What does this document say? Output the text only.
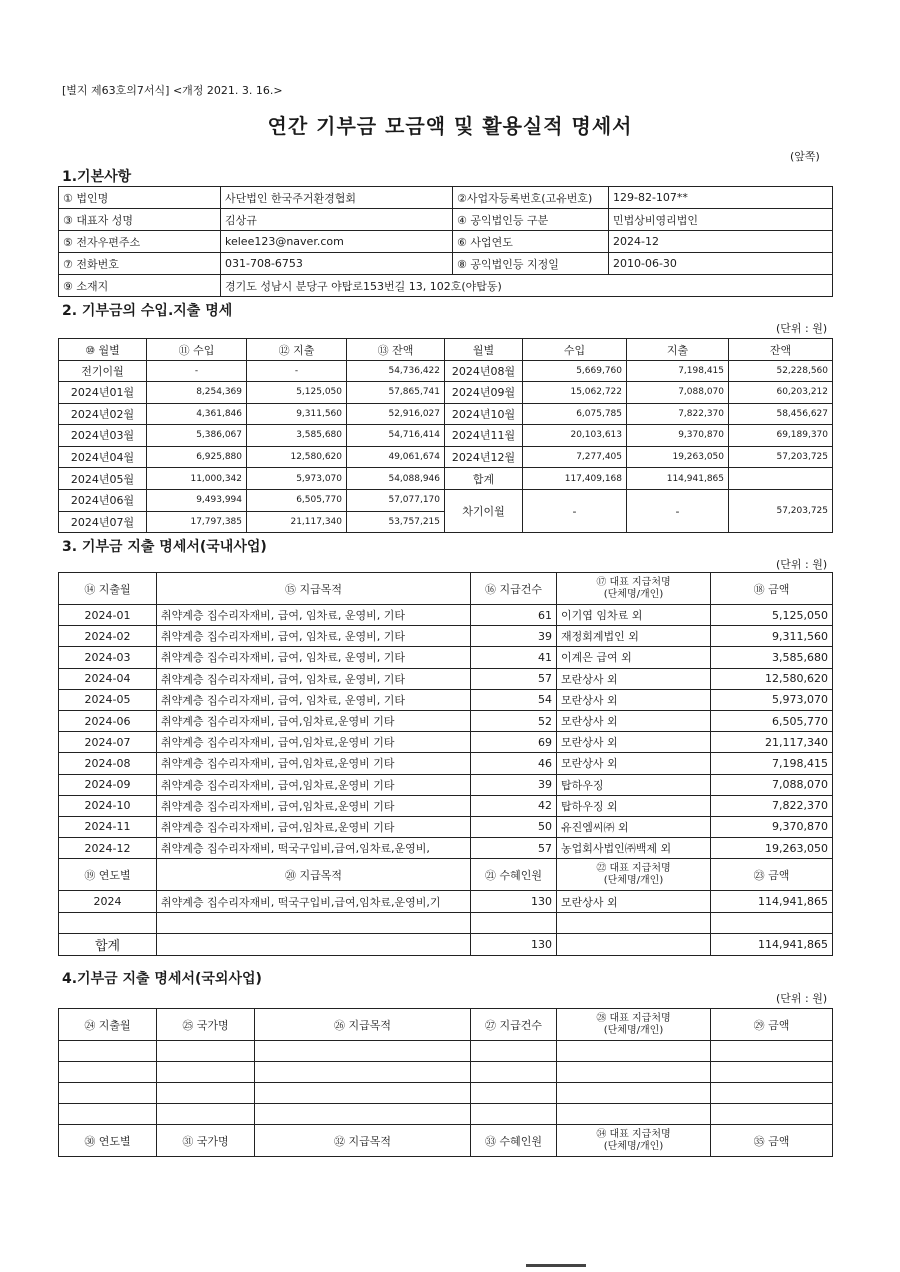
[별지 제63호의7서식] <개정 2021. 3. 16.>
연간 기부금 모금액 및 활용실적 명세서
(앞쪽)
1.기본사항
① 법인명	사단법인 한국주거환경협회	②사업자등록번호(고유번호)	129-82-107**
③ 대표자 성명	김상규	④ 공익법인등 구분	민법상비영리법인
⑤ 전자우편주소	kelee123@naver.com	⑥ 사업연도	2024-12
⑦ 전화번호	031-708-6753	⑧ 공익법인등 지정일	2010-06-30
⑨ 소재지	경기도 성남시 분당구 야탑로153번길 13, 102호(야탑동)		
2. 기부금의 수입.지출 명세
(단위 : 원)
⑩ 월별	⑪ 수입	⑫ 지출	⑬ 잔액	월별	수입	지출	잔액
전기이월	-	-	54,736,422	2024년08월	5,669,760	7,198,415	52,228,560
2024년01월	8,254,369	5,125,050	57,865,741	2024년09월	15,062,722	7,088,070	60,203,212
2024년02월	4,361,846	9,311,560	52,916,027	2024년10월	6,075,785	7,822,370	58,456,627
2024년03월	5,386,067	3,585,680	54,716,414	2024년11월	20,103,613	9,370,870	69,189,370
2024년04월	6,925,880	12,580,620	49,061,674	2024년12월	7,277,405	19,263,050	57,203,725
2024년05월	11,000,342	5,973,070	54,088,946	합계	117,409,168	114,941,865	
2024년06월	9,493,994	6,505,770	57,077,170	차기이월	-	-	57,203,725
2024년07월	17,797,385	21,117,340	53,757,215				
3. 기부금 지출 명세서(국내사업)
(단위 : 원)
⑭ 지출월	⑮ 지급목적	⑯ 지급건수	⑰ 대표 지급처명
(단체명/개인)	⑱ 금액
2024-01	취약계층 집수리자재비, 급여, 임차료, 운영비, 기타	61	이기엽 임차료 외	5,125,050
2024-02	취약계층 집수리자재비, 급여, 임차료, 운영비, 기타	39	재정회계법인 외	9,311,560
2024-03	취약계층 집수리자재비, 급여, 임차료, 운영비, 기타	41	이계은 급여 외	3,585,680
2024-04	취약계층 집수리자재비, 급여, 임차료, 운영비, 기타	57	모란상사 외	12,580,620
2024-05	취약계층 집수리자재비, 급여, 임차료, 운영비, 기타	54	모란상사 외	5,973,070
2024-06	취약계층 집수리자재비, 급여,임차료,운영비 기타	52	모란상사 외	6,505,770
2024-07	취약계층 집수리자재비, 급여,임차료,운영비 기타	69	모란상사 외	21,117,340
2024-08	취약계층 집수리자재비, 급여,임차료,운영비 기타	46	모란상사 외	7,198,415
2024-09	취약계층 집수리자재비, 급여,임차료,운영비 기타	39	탑하우징	7,088,070
2024-10	취약계층 집수리자재비, 급여,임차료,운영비 기타	42	탑하우징 외	7,822,370
2024-11	취약계층 집수리자재비, 급여,임차료,운영비 기타	50	유진엠씨㈜ 외	9,370,870
2024-12	취약계층 집수리자재비, 떡국구입비,급여,임차료,운영비,	57	농업회사법인㈜백제 외	19,263,050
⑲ 연도별	⑳ 지급목적	㉑ 수혜인원	㉒ 대표 지급처명
(단체명/개인)	㉓ 금액
2024	취약계층 집수리자재비, 떡국구입비,급여,임차료,운영비,기	130	모란상사 외	114,941,865

합계		130		114,941,865
4.기부금 지출 명세서(국외사업)
(단위 : 원)
㉔ 지출월	㉕ 국가명	㉖ 지급목적	㉗ 지급건수	㉘ 대표 지급처명
(단체명/개인)	㉙ 금액

㉚ 연도별	㉛ 국가명	㉜ 지급목적	㉝ 수혜인원	㉞ 대표 지급처명
(단체명/개인)	㉟ 금액
